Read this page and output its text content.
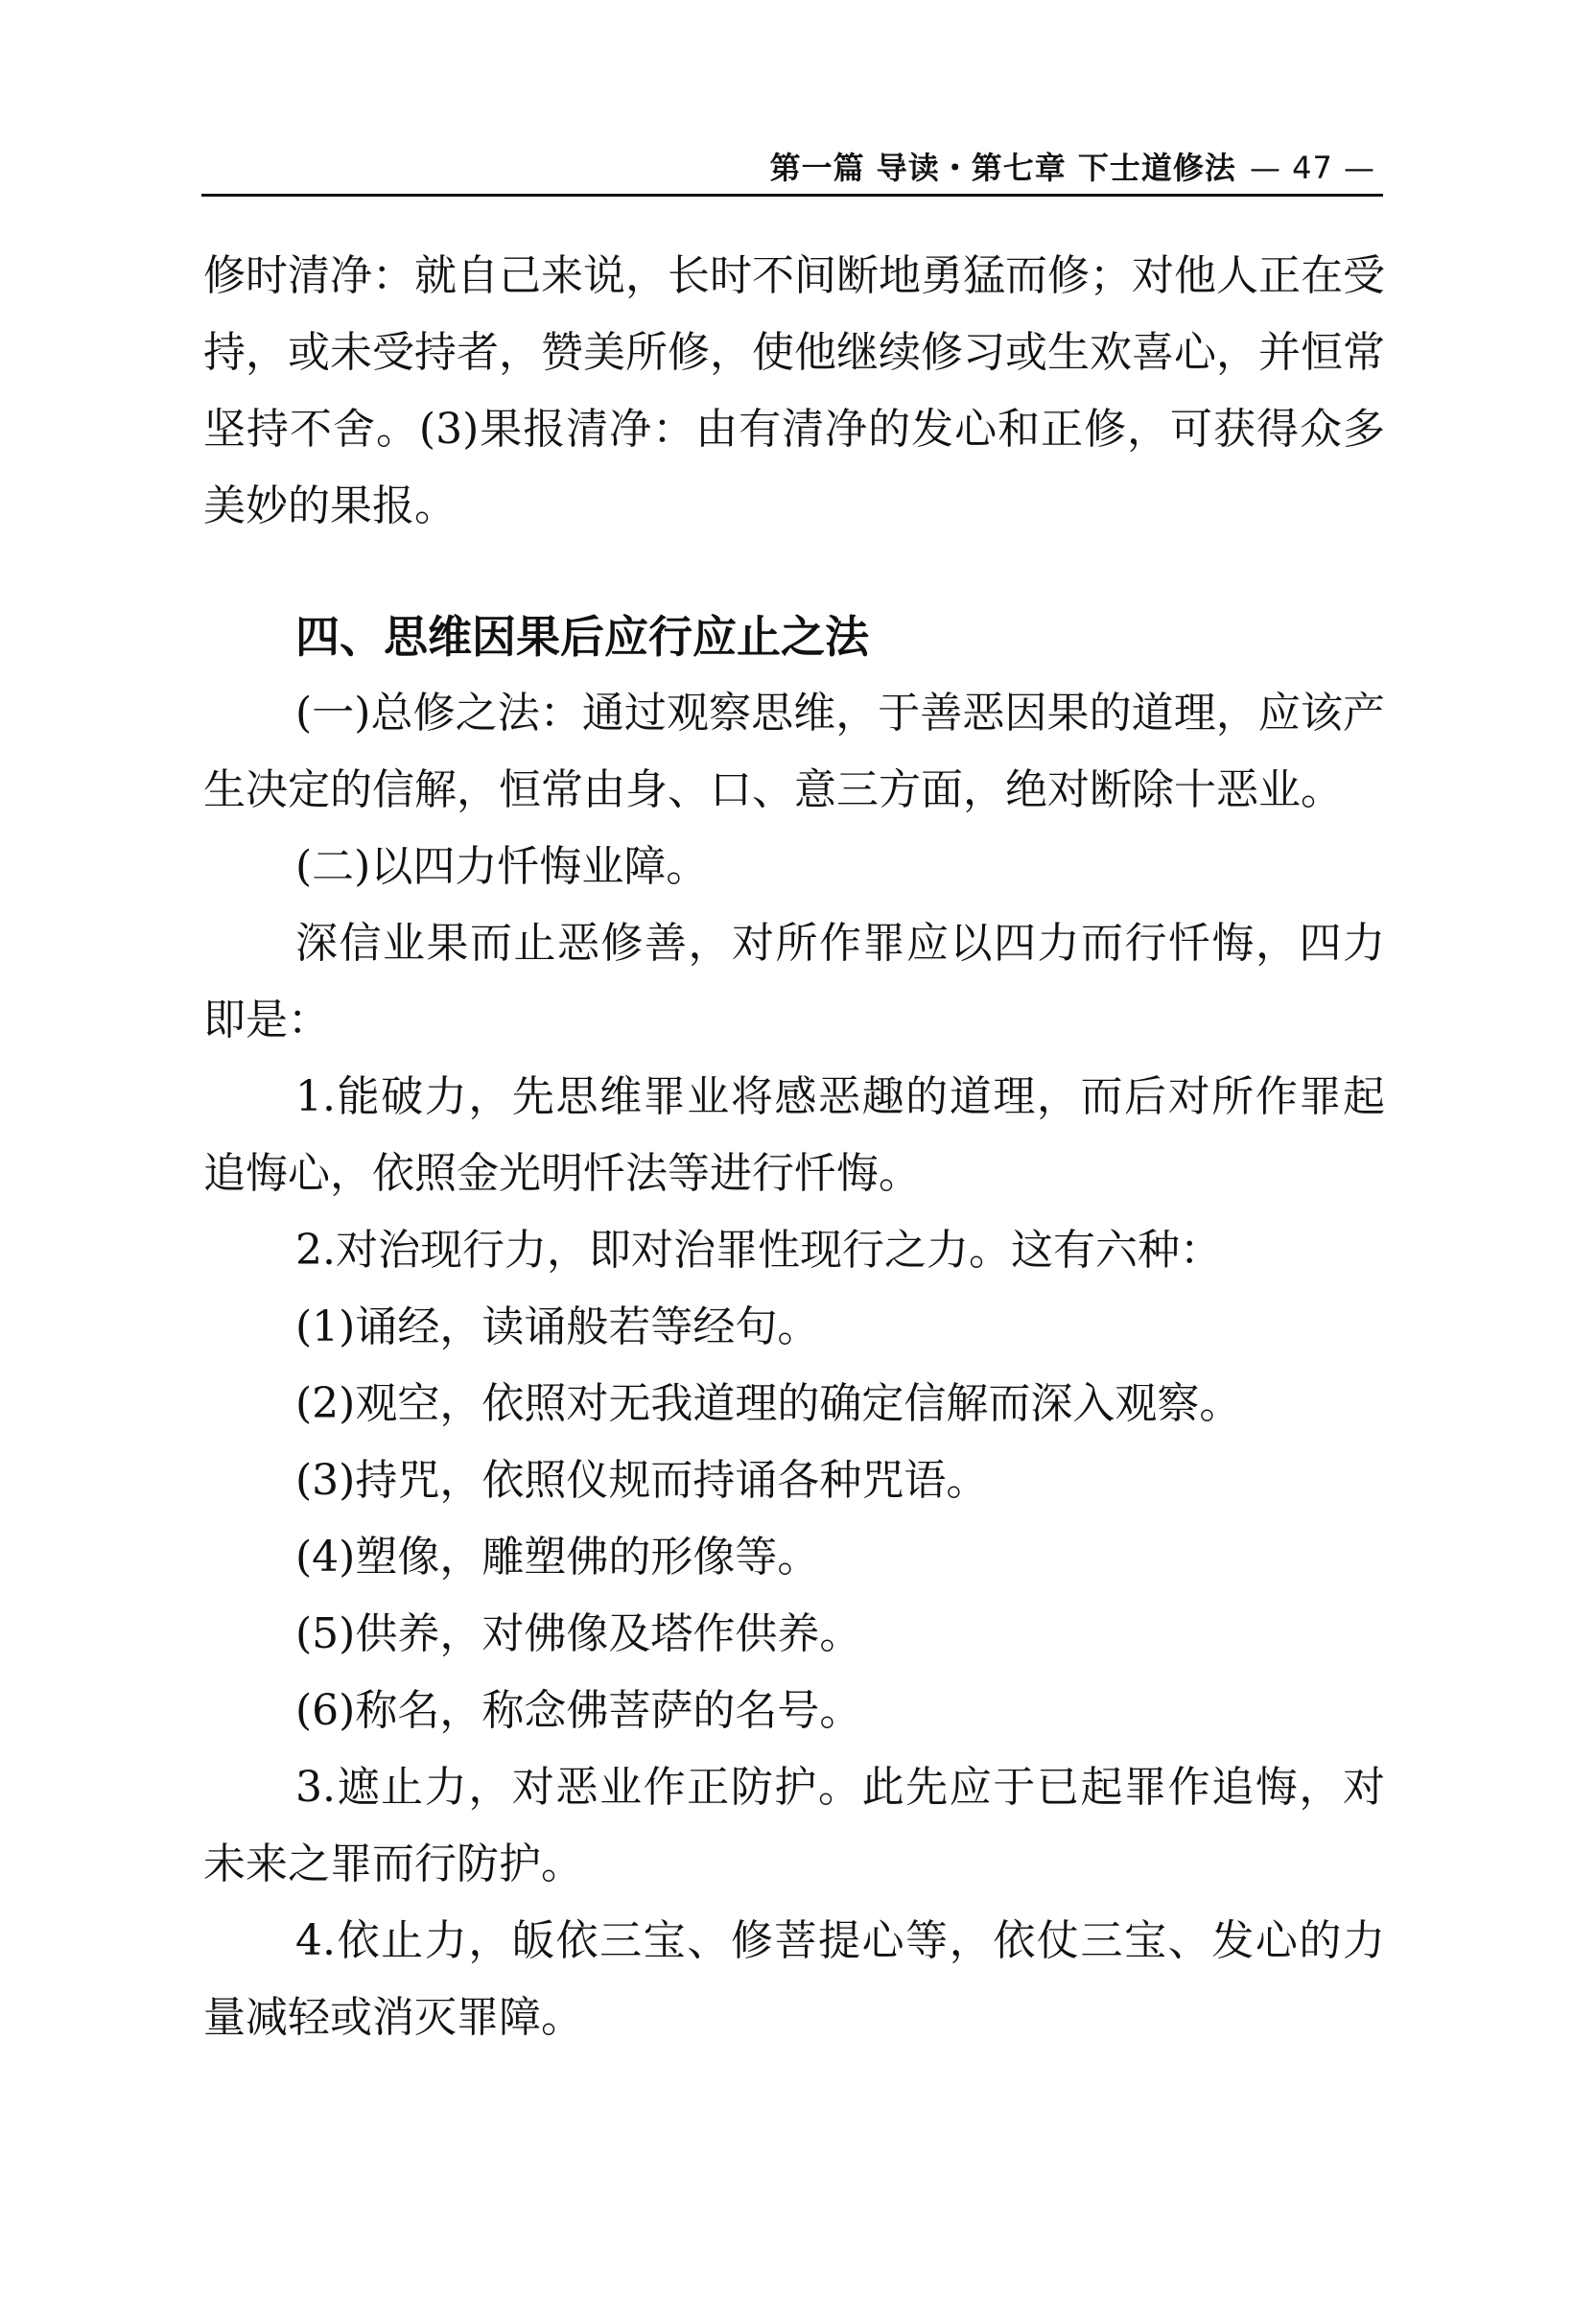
第一篇 导读・第七章 下士道修法 — 47 —

修时清净：就自己来说，长时不间断地勇猛而修；对他人正在受持，或未受持者，赞美所修，使他继续修习或生欢喜心，并恒常坚持不舍。(3)果报清净：由有清净的发心和正修，可获得众多美妙的果报。

四、思维因果后应行应止之法

(一)总修之法：通过观察思维，于善恶因果的道理，应该产生决定的信解，恒常由身、口、意三方面，绝对断除十恶业。

(二)以四力忏悔业障。

深信业果而止恶修善，对所作罪应以四力而行忏悔，四力即是：

1.能破力，先思维罪业将感恶趣的道理，而后对所作罪起追悔心，依照金光明忏法等进行忏悔。

2.对治现行力，即对治罪性现行之力。这有六种：

(1)诵经，读诵般若等经句。

(2)观空，依照对无我道理的确定信解而深入观察。

(3)持咒，依照仪规而持诵各种咒语。

(4)塑像，雕塑佛的形像等。

(5)供养，对佛像及塔作供养。

(6)称名，称念佛菩萨的名号。

3.遮止力，对恶业作正防护。此先应于已起罪作追悔，对未来之罪而行防护。

4.依止力，皈依三宝、修菩提心等，依仗三宝、发心的力量减轻或消灭罪障。
